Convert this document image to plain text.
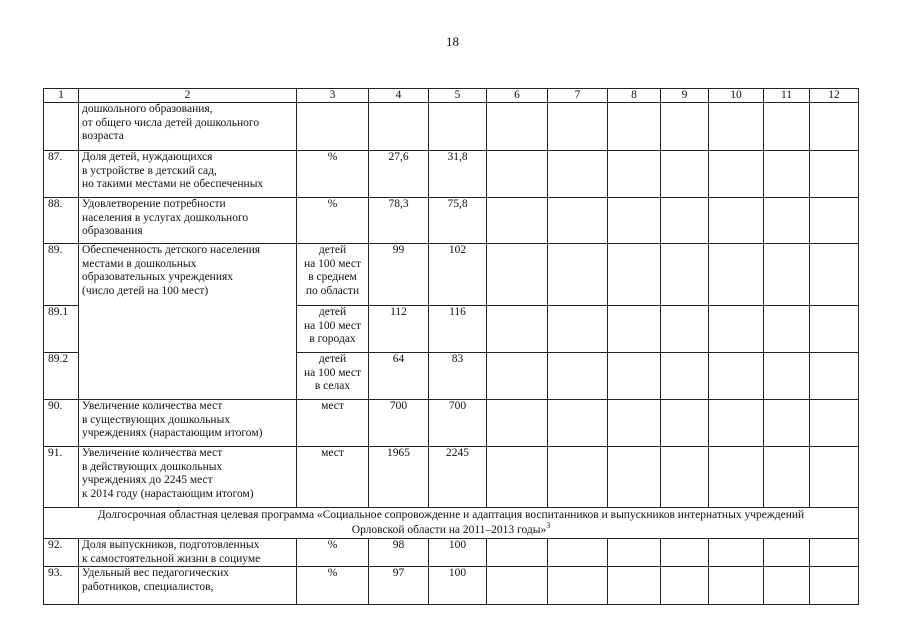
18
1	2	3	4	5	6	7	8	9	10	11	12
	дошкольного образования,
от общего числа детей дошкольного
возраста										
87.	Доля детей, нуждающихся
в устройстве в детский сад,
но такими местами не обеспеченных	%	27,6	31,8							
88.	Удовлетворение потребности
населения в услугах дошкольного
образования	%	78,3	75,8							
89.	Обеспеченность детского населения
местами в дошкольных
образовательных учреждениях
(число детей на 100 мест)	детей
на 100 мест
в среднем
по области	99	102							
89.1		детей
на 100 мест
в городах	112	116							
89.2		детей
на 100 мест
в селах	64	83							
90.	Увеличение количества мест
в существующих дошкольных
учреждениях (нарастающим итогом)	мест	700	700							
91.	Увеличение количества мест
в действующих дошкольных
учреждениях до 2245 мест
к 2014 году (нарастающим итогом)	мест	1965	2245							
Долгосрочная областная целевая программа «Социальное сопровождение и адаптация воспитанников и выпускников интернатных учреждений
Орловской области на 2011–2013 годы»$^3$
92.	Доля выпускников, подготовленных
к самостоятельной жизни в социуме	%	98	100							
93.	Удельный вес педагогических
работников, специалистов,	%	97	100							
